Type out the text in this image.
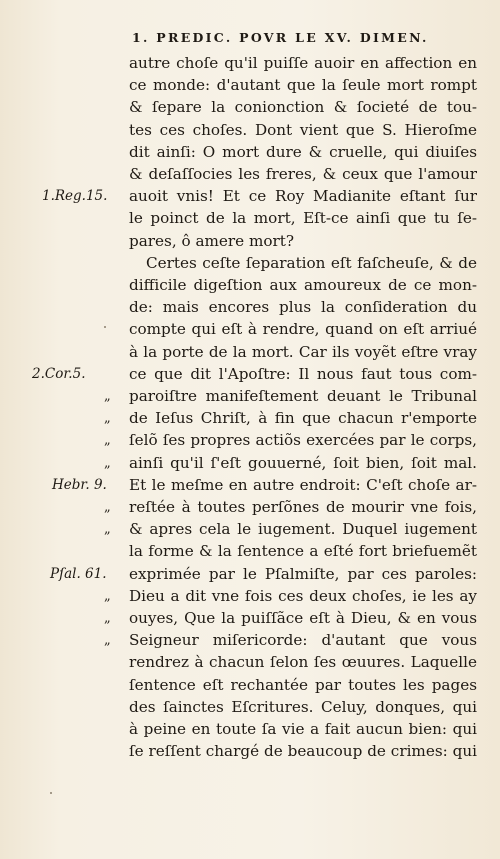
1. PREDIC. POVR LE XV. DIMEN.
autre choſe qu'il puiſſe auoir en affection en
ce monde: d'autant que la ſeule mort rompt
& ſepare la conionction & ſocieté de tou-
tes ces choſes. Dont vient que S. Hieroſme
dit ainſi: O mort dure & cruelle, qui diuiſes
& deſaſſocies les freres, & ceux que l'amour
1.Reg.15. auoit vnis! Et ce Roy Madianite eſtant ſur
le poinct de la mort, Eſt-ce ainſi que tu ſe-
pares, ô amere mort?
Certes ceſte ſeparation eſt faſcheuſe, & de
difficile digeſtion aux amoureux de ce mon-
de: mais encores plus la conſideration du
compte qui eſt à rendre, quand on eſt arriué
à la porte de la mort. Car ils voyẽt eſtre vray
2.Cor.5.	ce que dit l'Apoſtre: Il nous faut tous com-
„ paroiſtre manifeſtement deuant le Tribunal
„ de Ieſus Chriſt, à fin que chacun r'emporte
„ ſelõ ſes propres actiõs exercées par le corps,
„ ainſi qu'il ſ'eſt gouuerné, ſoit bien, ſoit mal.
Hebr. 9. Et le meſme en autre endroit: C'eſt choſe ar-
„ reſtée à toutes perſõnes de mourir vne fois,
„ & apres cela le iugement. Duquel iugement
la forme & la ſentence a eſté fort briefuemẽt
Pſal. 61. exprimée par le Pſalmiſte, par ces paroles:
„ Dieu a dit vne fois ces deux choſes, ie les ay
„ ouyes, Que la puiſſãce eſt à Dieu, & en vous
„ Seigneur miſericorde: d'autant que vous
rendrez à chacun ſelon ſes œuures. Laquelle
ſentence eſt rechantée par toutes les pages
des ſainctes Eſcritures. Celuy, donques, qui
à peine en toute ſa vie a fait aucun bien: qui
ſe reſſent chargé de beaucoup de crimes: qui
